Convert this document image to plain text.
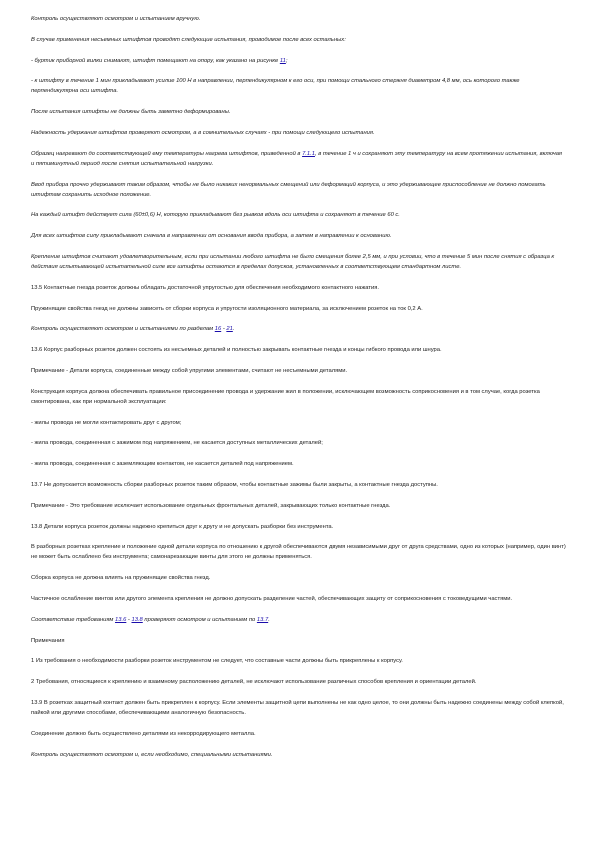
Контроль осуществляют осмотром и испытанием вручную.

В случае применения несъемных штифтов проводят следующие испытания, проводимое после всех остальных:

- буртик приборной вилки снимают, штифт помещают на опору, как указано на рисунке 11;

- к штифту в течение 1 мин прикладывают усилие 100 Н в направлении, перпендикулярном к его оси, при помощи стального стержня диаметром 4,8 мм, ось которого также перпендикулярна оси штифта.

После испытания штифты не должны быть заметно деформированы.

Надежность удержания штифтов проверяют осмотром, а в сомнительных случаях - при помощи следующего испытания.

Образец нагревают до соответствующей ему температуры нагрева штифтов, приведенной в 7.1.1, в течение 1 ч и сохраняют эту температуру на всем протяжении испытания, включая и пятиминутный период после снятия испытательной нагрузки.

Ввод прибора прочно удерживают таким образом, чтобы не было никаких ненормальных смещений или деформаций корпуса, и это удерживающее приспособление не должно помогать штифтам сохранить исходное положение.

На каждый штифт действует сила (60±0,6) Н, которую прикладывают без рывков вдоль оси штифта и сохраняют в течение 60 с.

Для всех штифтов силу прикладывают сначала в направлении от основания ввода прибора, а затем в направлении к основанию.

Крепление штифтов считают удовлетворительным, если при испытании любого штифта не было смещения более 2,5 мм, и при условии, что в течение 5 мин после снятия с образца к действия испытывающей испытательной силе все штифты остаются в пределах допусков, установленных в соответствующем стандартном листе.

13.5 Контактные гнезда розеток должны обладать достаточной упругостью для обеспечения необходимого контактного нажатия.

Пружинящие свойства гнезд не должны зависеть от сборки корпуса и упругости изоляционного материала, за исключением розеток на ток 0,2 А.

Контроль осуществляют осмотром и испытаниями по разделам 16 - 21.

13.6 Корпус разборных розеток должен состоять из несъемных деталей и полностью закрывать контактные гнезда и концы гибкого провода или шнура.

Примечание - Детали корпуса, соединенные между собой упругими элементами, считают не несъемными деталями.

Конструкция корпуса должна обеспечивать правильное присоединение провода и удержание жил в положении, исключающем возможность соприкосновения и в том случае, когда розетка смонтирована, как при нормальной эксплуатации:

- жилы провода не могли контактировать друг с другом;

- жила провода, соединенная с зажимом под напряжением, не касается доступных металлических деталей;

- жила провода, соединенная с заземляющим контактом, не касается деталей под напряжением.

13.7 Не допускается возможность сборки разборных розеток таким образом, чтобы контактные зажимы были закрыты, а контактные гнезда доступны.

Примечание - Это требование исключает использование отдельных фронтальных деталей, закрывающих только контактные гнезда.

13.8 Детали корпуса розеток должны надежно крепиться друг к другу и не допускать разборки без инструмента.

В разборных розетках крепление и положение одной детали корпуса по отношению к другой обеспечиваются двумя независимыми друг от друга средствами, одно из которых (например, один винт) не может быть ослаблено без инструмента; самонарезающие винты для этого не должны применяться.

Сборка корпуса не должна влиять на пружинящие свойства гнезд.

Частичное ослабление винтов или другого элемента крепления не должно допускать разделение частей, обеспечивающих защиту от соприкосновения с токоведущими частями.

Соответствие требованиям 13.6 - 13.8 проверяют осмотром и испытанием по 13.7.

Примечания

1 Из требования о необходимости разборки розеток инструментом не следует, что составные части должны быть прикреплены к корпусу.

2 Требования, относящиеся к креплению и взаимному расположению деталей, не исключают использование различных способов крепления и ориентации деталей.

13.9 В розетках защитный контакт должен быть прикреплен к корпусу. Если элементы защитной цепи выполнены не как одно целое, то они должны быть надежно соединены между собой клепкой, пайкой или другими способами, обеспечивающими аналогичную безопасность.

Соединение должно быть осуществлено деталями из некорродирующего металла.

Контроль осуществляют осмотром и, если необходимо, специальными испытаниями.
